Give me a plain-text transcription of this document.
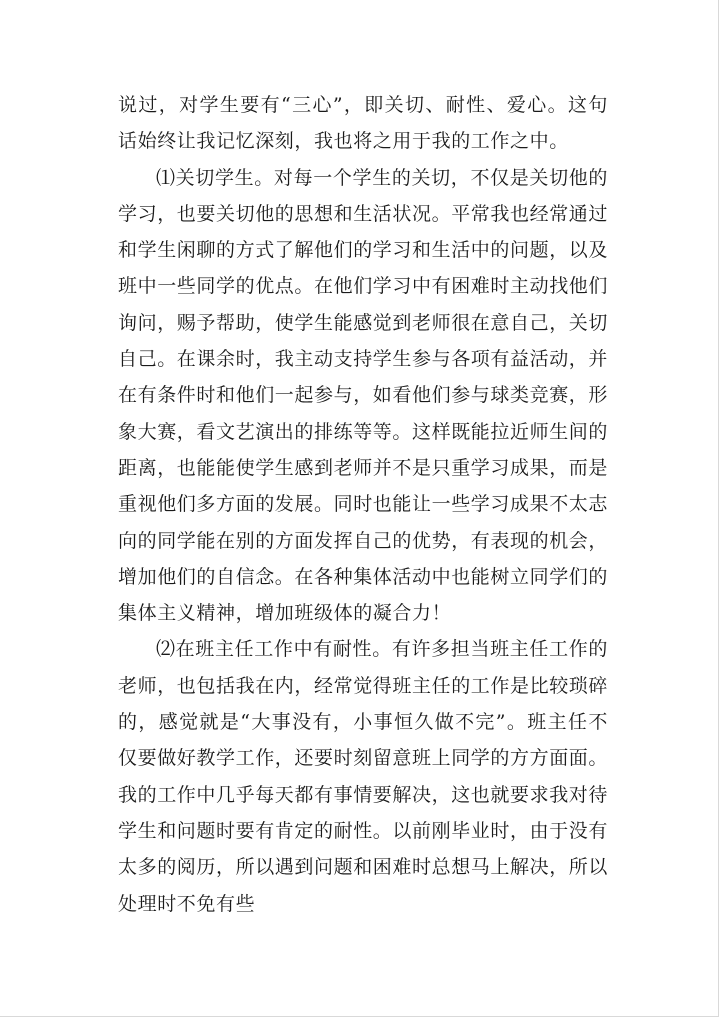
说过，对学生要有“三心”，即关切、耐性、爱心。这句话始终让我记忆深刻，我也将之用于我的工作之中。

⑴关切学生。对每一个学生的关切，不仅是关切他的学习，也要关切他的思想和生活状况。平常我也经常通过和学生闲聊的方式了解他们的学习和生活中的问题，以及班中一些同学的优点。在他们学习中有困难时主动找他们询问，赐予帮助，使学生能感觉到老师很在意自己，关切自己。在课余时，我主动支持学生参与各项有益活动，并在有条件时和他们一起参与，如看他们参与球类竞赛，形象大赛，看文艺演出的排练等等。这样既能拉近师生间的距离，也能能使学生感到老师并不是只重学习成果，而是重视他们多方面的发展。同时也能让一些学习成果不太志向的同学能在别的方面发挥自己的优势，有表现的机会，增加他们的自信念。在各种集体活动中也能树立同学们的集体主义精神，增加班级体的凝合力！

⑵在班主任工作中有耐性。有许多担当班主任工作的老师，也包括我在内，经常觉得班主任的工作是比较琐碎的，感觉就是“大事没有，小事恒久做不完”。班主任不仅要做好教学工作，还要时刻留意班上同学的方方面面。我的工作中几乎每天都有事情要解决，这也就要求我对待学生和问题时要有肯定的耐性。以前刚毕业时，由于没有太多的阅历，所以遇到问题和困难时总想马上解决，所以处理时不免有些
